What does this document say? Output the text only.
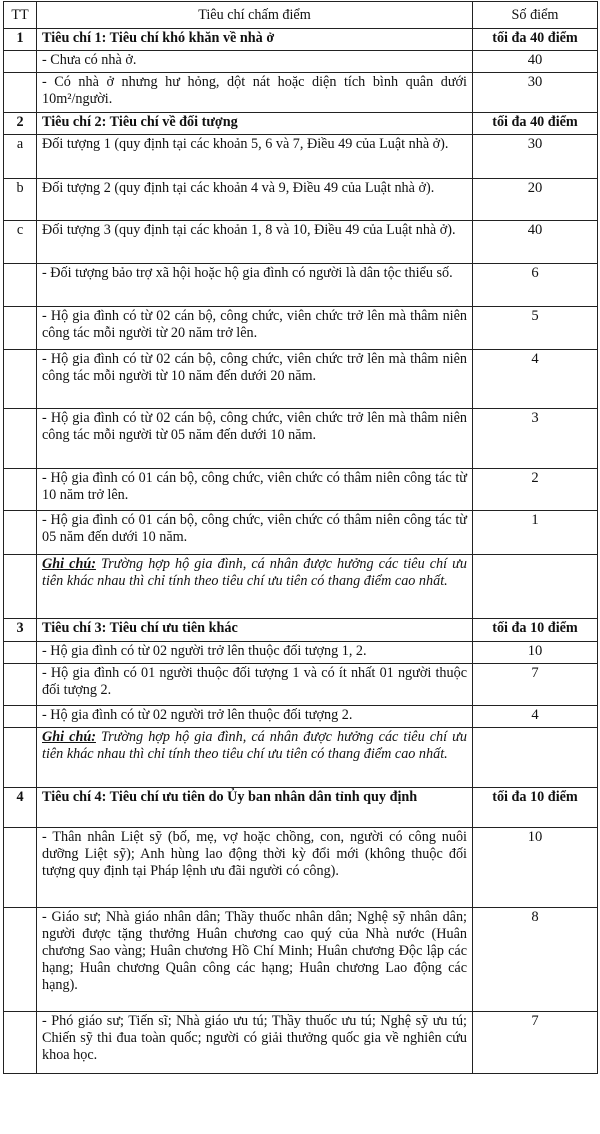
TT	Tiêu chí chấm điểm	Số điểm
1	Tiêu chí 1: Tiêu chí khó khăn về nhà ở	tối đa 40 điểm
	- Chưa có nhà ở.	40
	- Có nhà ở nhưng hư hỏng, dột nát hoặc diện tích bình quân dưới 10m²/người.	30
2	Tiêu chí 2: Tiêu chí về đối tượng	tối đa 40 điểm
a	Đối tượng 1 (quy định tại các khoản 5, 6 và 7, Điều 49 của Luật nhà ở).	30
b	Đối tượng 2 (quy định tại các khoản 4 và 9, Điều 49 của Luật nhà ở).	20
c	Đối tượng 3 (quy định tại các khoản 1, 8 và 10, Điều 49 của Luật nhà ở).	40
	- Đối tượng bảo trợ xã hội hoặc hộ gia đình có người là dân tộc thiểu số.	6
	- Hộ gia đình có từ 02 cán bộ, công chức, viên chức trở lên mà thâm niên công tác mỗi người từ 20 năm trở lên.	5
	- Hộ gia đình có từ 02 cán bộ, công chức, viên chức trở lên mà thâm niên công tác mỗi người từ 10 năm đến dưới 20 năm.	4
	- Hộ gia đình có từ 02 cán bộ, công chức, viên chức trở lên mà thâm niên công tác mỗi người từ 05 năm đến dưới 10 năm.	3
	- Hộ gia đình có 01 cán bộ, công chức, viên chức có thâm niên công tác từ 10 năm trở lên.	2
	- Hộ gia đình có 01 cán bộ, công chức, viên chức có thâm niên công tác từ 05 năm đến dưới 10 năm.	1
	Ghi chú: Trường hợp hộ gia đình, cá nhân được hưởng các tiêu chí ưu tiên khác nhau thì chỉ tính theo tiêu chí ưu tiên có thang điểm cao nhất.	
3	Tiêu chí 3: Tiêu chí ưu tiên khác	tối đa 10 điểm
	- Hộ gia đình có từ 02 người trở lên thuộc đối tượng 1, 2.	10
	- Hộ gia đình có 01 người thuộc đối tượng 1 và có ít nhất 01 người thuộc đối tượng 2.	7
	- Hộ gia đình có từ 02 người trở lên thuộc đối tượng 2.	4
	Ghi chú: Trường hợp hộ gia đình, cá nhân được hưởng các tiêu chí ưu tiên khác nhau thì chỉ tính theo tiêu chí ưu tiên có thang điểm cao nhất.	
4	Tiêu chí 4: Tiêu chí ưu tiên do Ủy ban nhân dân tỉnh quy định	tối đa 10 điểm
	- Thân nhân Liệt sỹ (bố, mẹ, vợ hoặc chồng, con, người có công nuôi dưỡng Liệt sỹ); Anh hùng lao động thời kỳ đổi mới (không thuộc đối tượng quy định tại Pháp lệnh ưu đãi người có công).	10
	- Giáo sư; Nhà giáo nhân dân; Thầy thuốc nhân dân; Nghệ sỹ nhân dân; người được tặng thưởng Huân chương cao quý của Nhà nước (Huân chương Sao vàng; Huân chương Hồ Chí Minh; Huân chương Độc lập các hạng; Huân chương Quân công các hạng; Huân chương Lao động các hạng).	8
	- Phó giáo sư; Tiến sĩ; Nhà giáo ưu tú; Thầy thuốc ưu tú; Nghệ sỹ ưu tú; Chiến sỹ thi đua toàn quốc; người có giải thưởng quốc gia về nghiên cứu khoa học.	7
